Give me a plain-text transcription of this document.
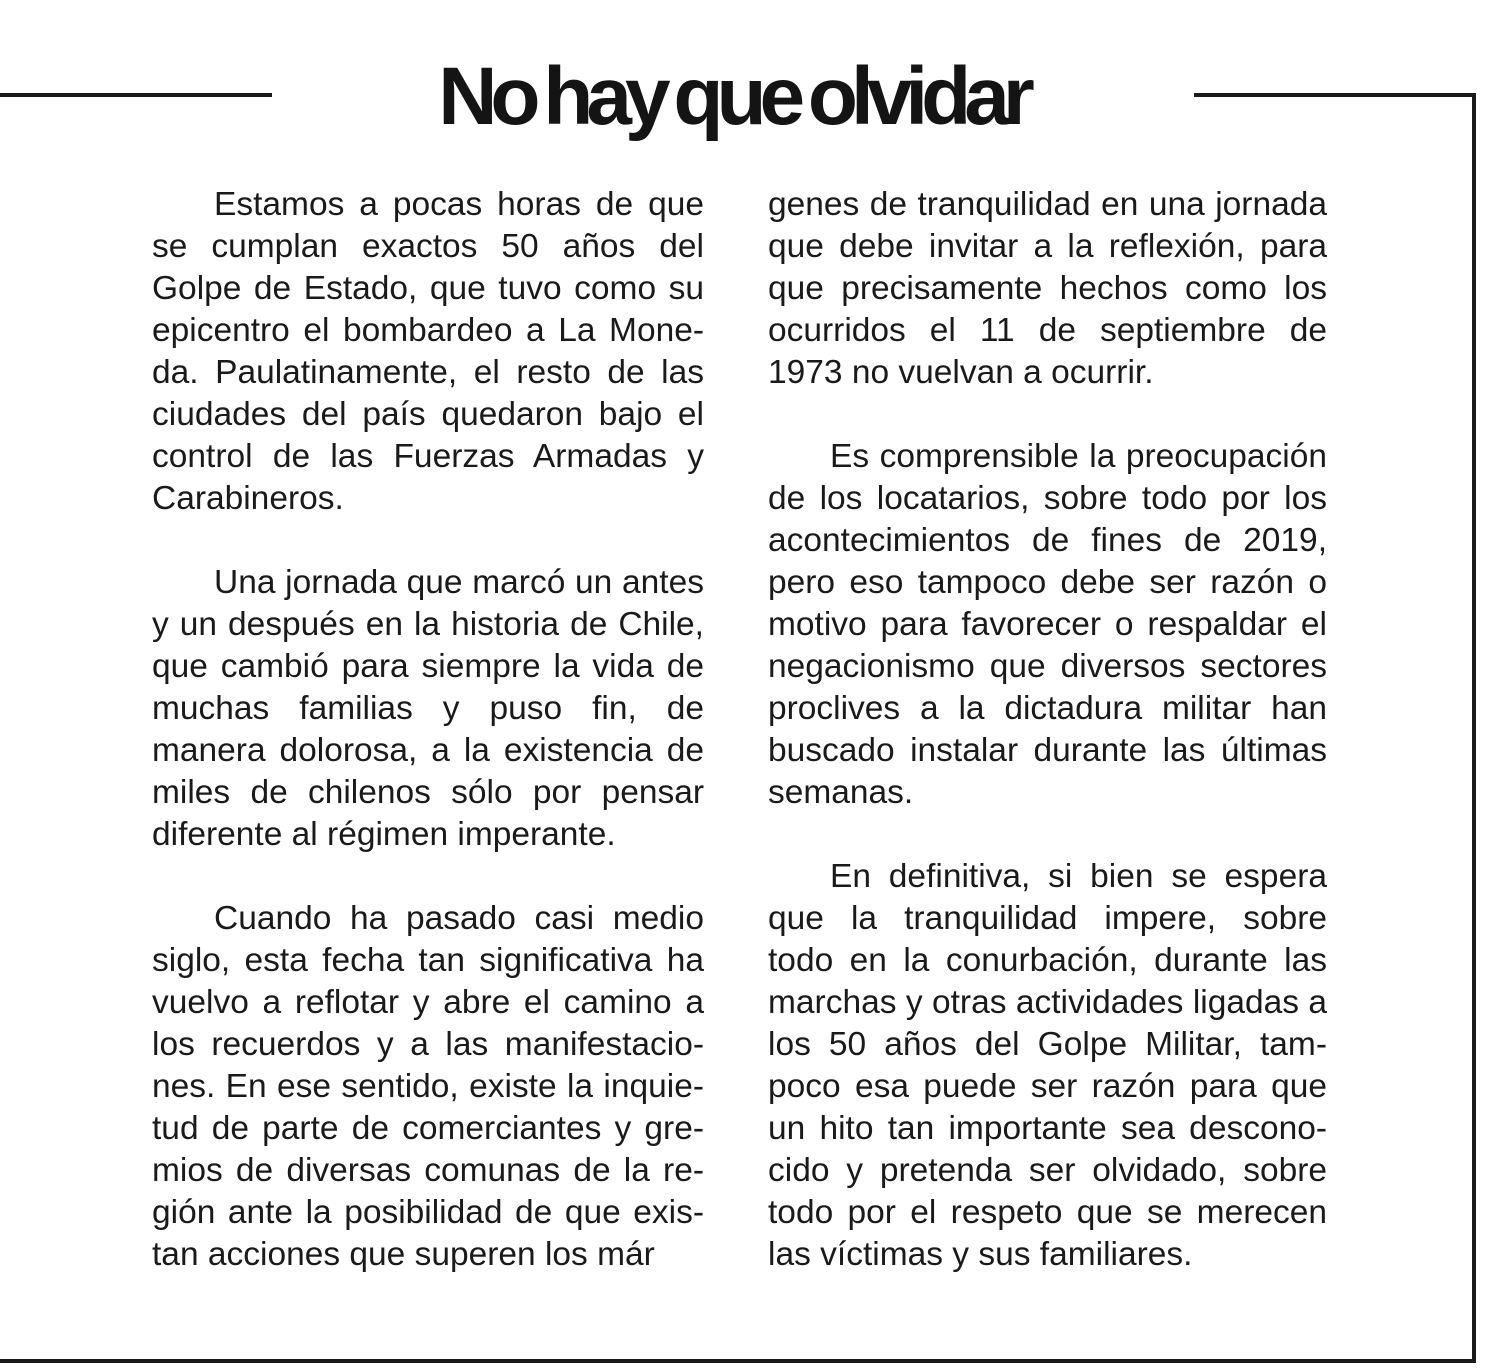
No hay que olvidar

Estamos a pocas horas de que se cumplan exactos 50 años del Golpe de Estado, que tuvo como su epicentro el bombardeo a La Moneda. Paulatinamente, el resto de las ciudades del país quedaron bajo el control de las Fuerzas Armadas y Carabineros.

Una jornada que marcó un antes y un después en la historia de Chile, que cambió para siempre la vida de muchas familias y puso fin, de manera dolorosa, a la existencia de miles de chilenos sólo por pensar diferente al régimen imperante.

Cuando ha pasado casi medio siglo, esta fecha tan significativa ha vuelvo a reflotar y abre el camino a los recuerdos y a las manifestaciones. En ese sentido, existe la inquietud de parte de comerciantes y gremios de diversas comunas de la región ante la posibilidad de que existan acciones que superen los már

genes de tranquilidad en una jornada que debe invitar a la reflexión, para que precisamente hechos como los ocurridos el 11 de septiembre de 1973 no vuelvan a ocurrir.

Es comprensible la preocupación de los locatarios, sobre todo por los acontecimientos de fines de 2019, pero eso tampoco debe ser razón o motivo para favorecer o respaldar el negacionismo que diversos sectores proclives a la dictadura militar han buscado instalar durante las últimas semanas.

En definitiva, si bien se espera que la tranquilidad impere, sobre todo en la conurbación, durante las marchas y otras actividades ligadas a los 50 años del Golpe Militar, tampoco esa puede ser razón para que un hito tan importante sea desconocido y pretenda ser olvidado, sobre todo por el respeto que se merecen las víctimas y sus familiares.
